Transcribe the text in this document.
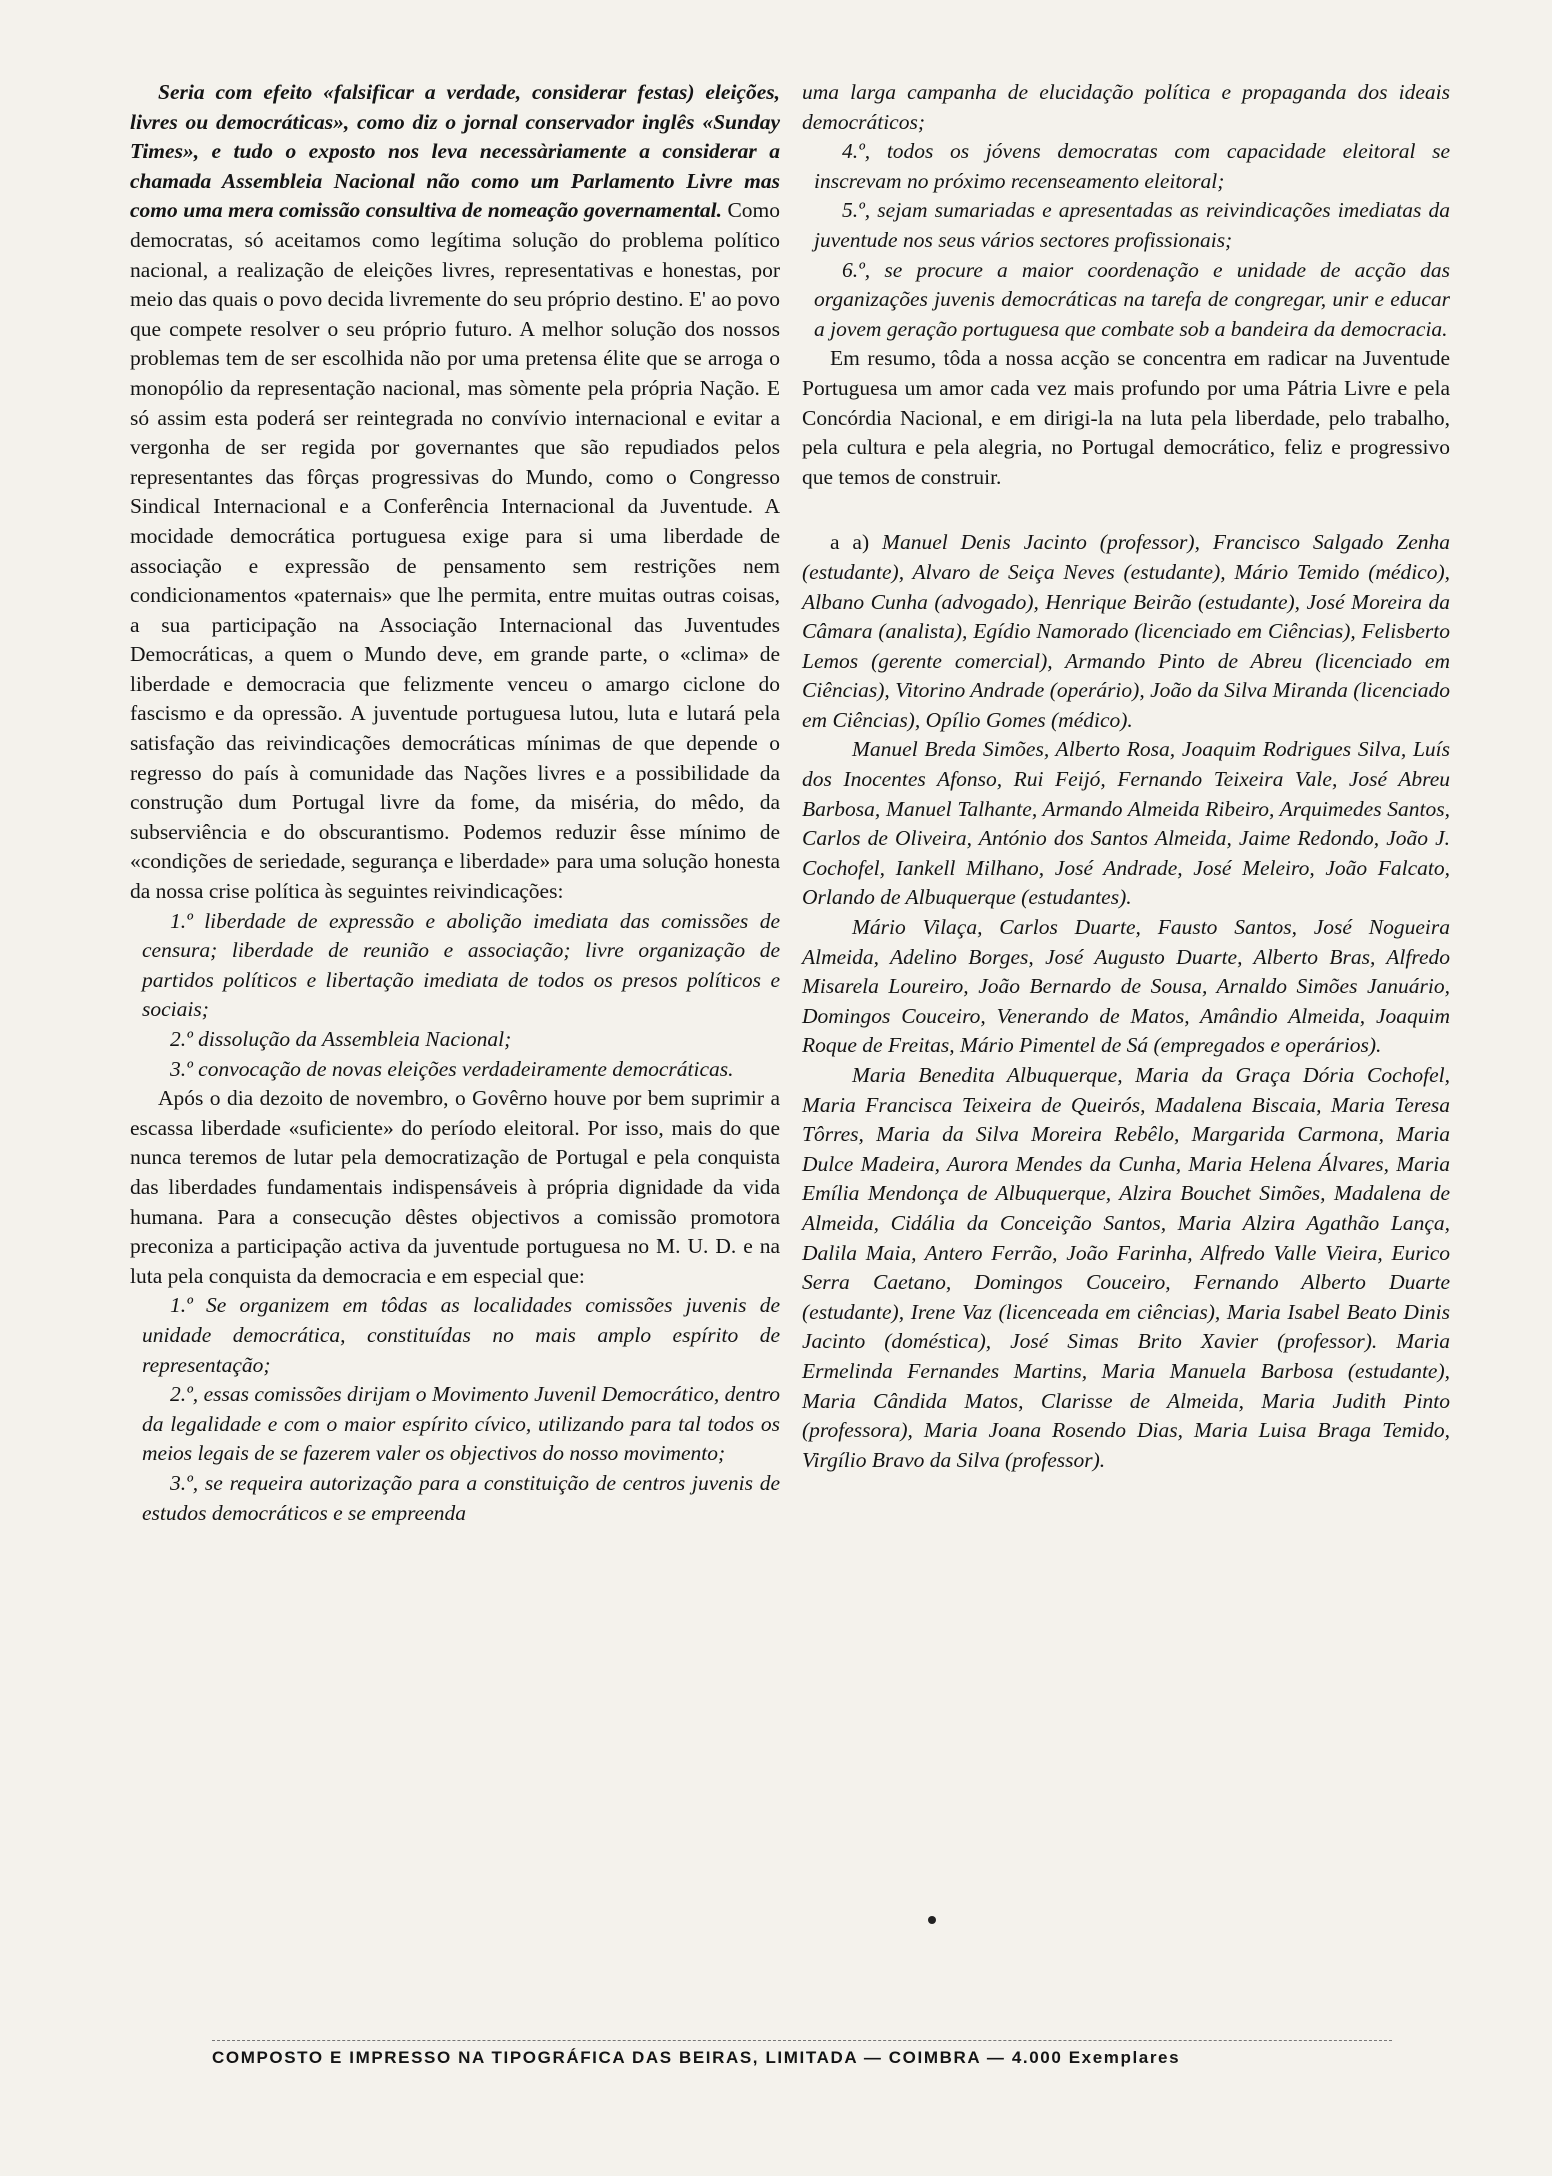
Seria com efeito «falsificar a verdade, considerar festas) eleições, livres ou democráticas», como diz o jornal conservador inglês «Sunday Times», e tudo o exposto nos leva necessàriamente a considerar a chamada Assembleia Nacional não como um Parlamento Livre mas como uma mera comissão consultiva de nomeação governamental. Como democratas, só aceitamos como legítima solução do problema político nacional, a realização de eleições livres, representativas e honestas, por meio das quais o povo decida livremente do seu próprio destino. E' ao povo que compete resolver o seu próprio futuro. A melhor solução dos nossos problemas tem de ser escolhida não por uma pretensa élite que se arroga o monopólio da representação nacional, mas sòmente pela própria Nação. E só assim esta poderá ser reintegrada no convívio internacional e evitar a vergonha de ser regida por governantes que são repudiados pelos representantes das fôrças progressivas do Mundo, como o Congresso Sindical Internacional e a Conferência Internacional da Juventude. A mocidade democrática portuguesa exige para si uma liberdade de associação e expressão de pensamento sem restrições nem condicionamentos «paternais» que lhe permita, entre muitas outras coisas, a sua participação na Associação Internacional das Juventudes Democráticas, a quem o Mundo deve, em grande parte, o «clima» de liberdade e democracia que felizmente venceu o amargo ciclone do fascismo e da opressão. A juventude portuguesa lutou, luta e lutará pela satisfação das reivindicações democráticas mínimas de que depende o regresso do país à comunidade das Nações livres e a possibilidade da construção dum Portugal livre da fome, da miséria, do mêdo, da subserviência e do obscurantismo. Podemos reduzir êsse mínimo de «condições de seriedade, segurança e liberdade» para uma solução honesta da nossa crise política às seguintes reivindicações:

1.º liberdade de expressão e abolição imediata das comissões de censura; liberdade de reunião e associação; livre organização de partidos políticos e libertação imediata de todos os presos políticos e sociais;

2.º dissolução da Assembleia Nacional;

3.º convocação de novas eleições verdadeiramente democráticas.

Após o dia dezoito de novembro, o Govêrno houve por bem suprimir a escassa liberdade «suficiente» do período eleitoral. Por isso, mais do que nunca teremos de lutar pela democratização de Portugal e pela conquista das liberdades fundamentais indispensáveis à própria dignidade da vida humana. Para a consecução dêstes objectivos a comissão promotora preconiza a participação activa da juventude portuguesa no M. U. D. e na luta pela conquista da democracia e em especial que:

1.º Se organizem em tôdas as localidades comissões juvenis de unidade democrática, constituídas no mais amplo espírito de representação;

2.º, essas comissões dirijam o Movimento Juvenil Democrático, dentro da legalidade e com o maior espírito cívico, utilizando para tal todos os meios legais de se fazerem valer os objectivos do nosso movimento;

3.º, se requeira autorização para a constituição de centros juvenis de estudos democráticos e se empreenda

uma larga campanha de elucidação política e propaganda dos ideais democráticos;

4.º, todos os jóvens democratas com capacidade eleitoral se inscrevam no próximo recenseamento eleitoral;

5.º, sejam sumariadas e apresentadas as reivindicações imediatas da juventude nos seus vários sectores profissionais;

6.º, se procure a maior coordenação e unidade de acção das organizações juvenis democráticas na tarefa de congregar, unir e educar a jovem geração portuguesa que combate sob a bandeira da democracia.

Em resumo, tôda a nossa acção se concentra em radicar na Juventude Portuguesa um amor cada vez mais profundo por uma Pátria Livre e pela Concórdia Nacional, e em dirigi-la na luta pela liberdade, pelo trabalho, pela cultura e pela alegria, no Portugal democrático, feliz e progressivo que temos de construir.

a a) Manuel Denis Jacinto (professor), Francisco Salgado Zenha (estudante), Alvaro de Seiça Neves (estudante), Mário Temido (médico), Albano Cunha (advogado), Henrique Beirão (estudante), José Moreira da Câmara (analista), Egídio Namorado (licenciado em Ciências), Felisberto Lemos (gerente comercial), Armando Pinto de Abreu (licenciado em Ciências), Vitorino Andrade (operário), João da Silva Miranda (licenciado em Ciências), Opílio Gomes (médico).

Manuel Breda Simões, Alberto Rosa, Joaquim Rodrigues Silva, Luís dos Inocentes Afonso, Rui Feijó, Fernando Teixeira Vale, José Abreu Barbosa, Manuel Talhante, Armando Almeida Ribeiro, Arquimedes Santos, Carlos de Oliveira, António dos Santos Almeida, Jaime Redondo, João J. Cochofel, Iankell Milhano, José Andrade, José Meleiro, João Falcato, Orlando de Albuquerque (estudantes).

Mário Vilaça, Carlos Duarte, Fausto Santos, José Nogueira Almeida, Adelino Borges, José Augusto Duarte, Alberto Bras, Alfredo Misarela Loureiro, João Bernardo de Sousa, Arnaldo Simões Januário, Domingos Couceiro, Venerando de Matos, Amândio Almeida, Joaquim Roque de Freitas, Mário Pimentel de Sá (empregados e operários).

Maria Benedita Albuquerque, Maria da Graça Dória Cochofel, Maria Francisca Teixeira de Queirós, Madalena Biscaia, Maria Teresa Tôrres, Maria da Silva Moreira Rebêlo, Margarida Carmona, Maria Dulce Madeira, Aurora Mendes da Cunha, Maria Helena Álvares, Maria Emília Mendonça de Albuquerque, Alzira Bouchet Simões, Madalena de Almeida, Cidália da Conceição Santos, Maria Alzira Agathão Lança, Dalila Maia, Antero Ferrão, João Farinha, Alfredo Valle Vieira, Eurico Serra Caetano, Domingos Couceiro, Fernando Alberto Duarte (estudante), Irene Vaz (licenceada em ciências), Maria Isabel Beato Dinis Jacinto (doméstica), José Simas Brito Xavier (professor). Maria Ermelinda Fernandes Martins, Maria Manuela Barbosa (estudante), Maria Cândida Matos, Clarisse de Almeida, Maria Judith Pinto (professora), Maria Joana Rosendo Dias, Maria Luisa Braga Temido, Virgílio Bravo da Silva (professor).

COMPOSTO E IMPRESSO NA TIPOGRÁFICA DAS BEIRAS, LIMITADA — COIMBRA — 4.000 Exemplares
